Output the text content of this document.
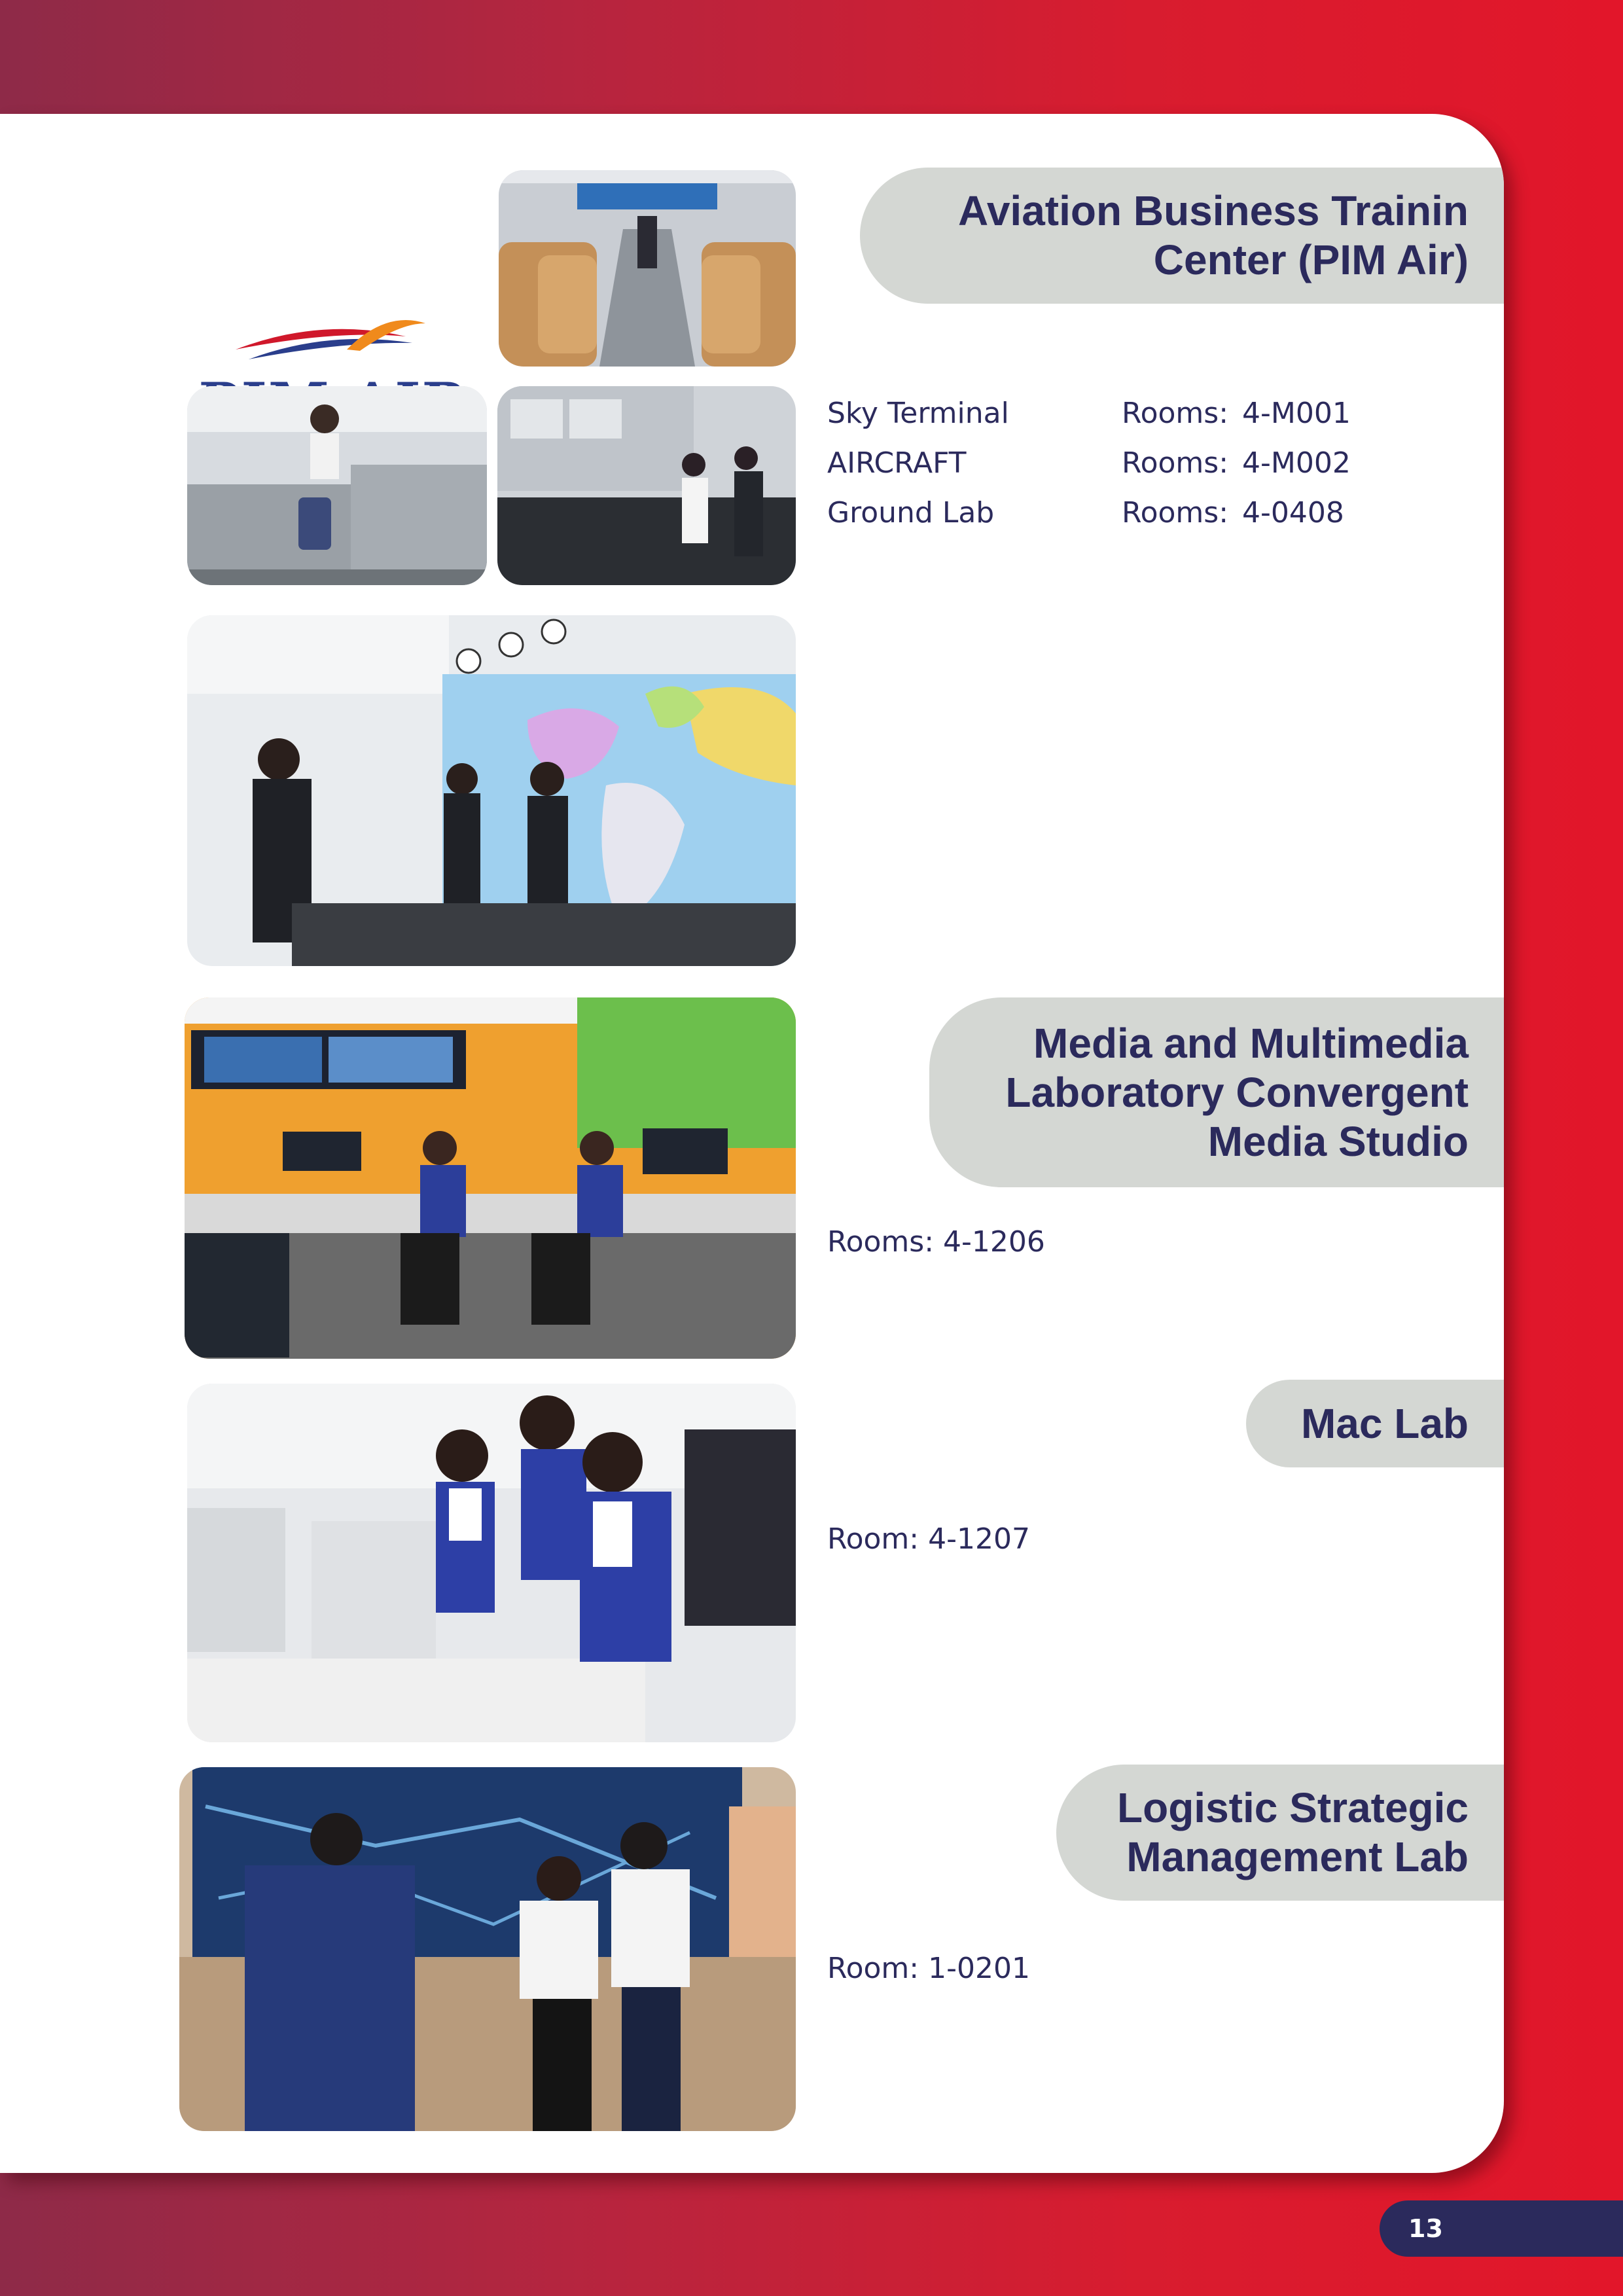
Aviation Business Trainin
Center (PIM Air)
Sky Terminal	Rooms: 4-M001
AIRCRAFT	Rooms: 4-M002
Ground Lab	Rooms: 4-0408
Media and Multimedia
Laboratory Convergent
Media Studio
Rooms: 4-1206
Mac Lab
Room: 4-1207
Logistic Strategic
Management Lab
Room: 1-0201
13
